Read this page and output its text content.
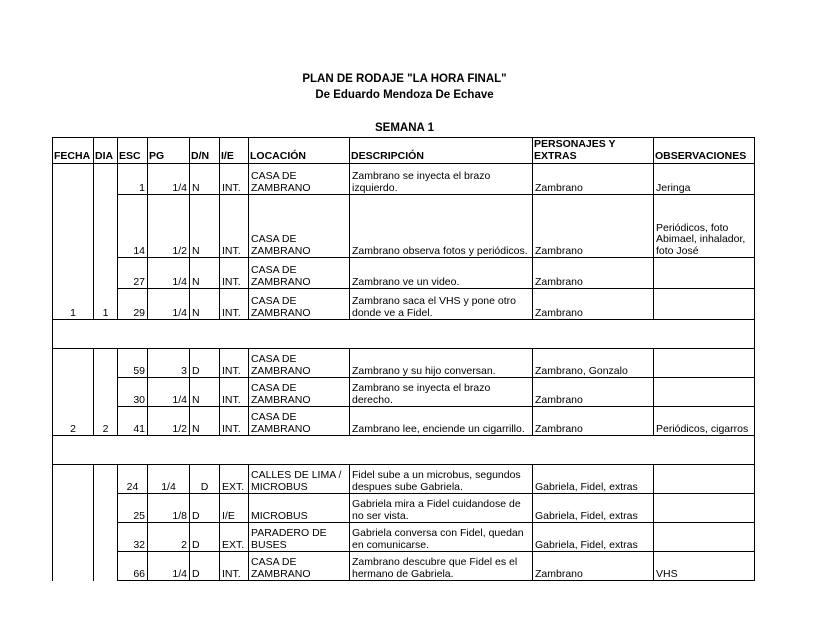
PLAN DE RODAJE "LA HORA FINAL"
De Eduardo Mendoza De Echave
SEMANA 1
FECHA	DIA	ESC	PG	D/N	I/E	LOCACIÓN	DESCRIPCIÓN	PERSONAJES Y EXTRAS	OBSERVACIONES
1	1	1	1/4	N	INT.	CASA DE ZAMBRANO	Zambrano se inyecta el brazo izquierdo.	Zambrano	Jeringa
		14	1/2	N	INT.	CASA DE ZAMBRANO	Zambrano observa fotos y periódicos.	Zambrano	Periódicos, foto Abimael, inhalador, foto José
		27	1/4	N	INT.	CASA DE ZAMBRANO	Zambrano ve un video.	Zambrano	
		29	1/4	N	INT.	CASA DE ZAMBRANO	Zambrano saca el VHS y pone otro donde ve a Fidel.	Zambrano	

2	2	59	3	D	INT.	CASA DE ZAMBRANO	Zambrano y su hijo conversan.	Zambrano, Gonzalo	
		30	1/4	N	INT.	CASA DE ZAMBRANO	Zambrano se inyecta el brazo derecho.	Zambrano	
		41	1/2	N	INT.	CASA DE ZAMBRANO	Zambrano lee, enciende un cigarrillo.	Zambrano	Periódicos, cigarros

		24	1/4	D	EXT.	CALLES DE LIMA / MICROBUS	Fidel sube a un microbus, segundos despues sube Gabriela.	Gabriela, Fidel, extras	
		25	1/8	D	I/E	MICROBUS	Gabriela mira a Fidel cuidandose de no ser vista.	Gabriela, Fidel, extras	
		32	2	D	EXT.	PARADERO DE BUSES	Gabriela conversa con Fidel, quedan en comunicarse.	Gabriela, Fidel, extras	
		66	1/4	D	INT.	CASA DE ZAMBRANO	Zambrano descubre que Fidel es el hermano de Gabriela.	Zambrano	VHS
